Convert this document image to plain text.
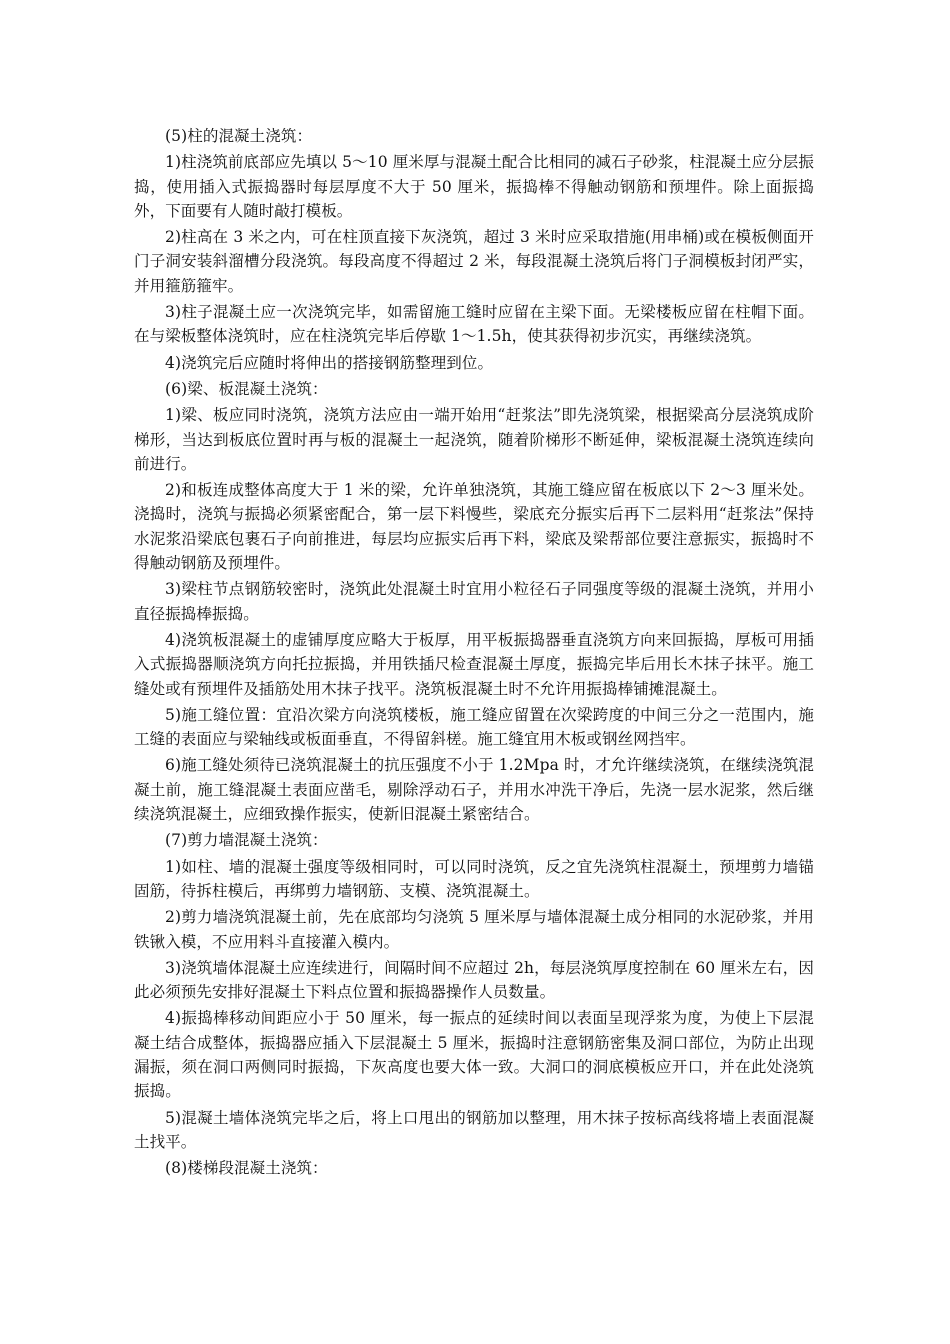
(5)柱的混凝土浇筑：

1)柱浇筑前底部应先填以 5～10 厘米厚与混凝土配合比相同的减石子砂浆，柱混凝土应分层振捣，使用插入式振捣器时每层厚度不大于 50 厘米，振捣棒不得触动钢筋和预埋件。除上面振捣外，下面要有人随时敲打模板。

2)柱高在 3 米之内，可在柱顶直接下灰浇筑，超过 3 米时应采取措施(用串桶)或在模板侧面开门子洞安装斜溜槽分段浇筑。每段高度不得超过 2 米，每段混凝土浇筑后将门子洞模板封闭严实，并用箍筋箍牢。

3)柱子混凝土应一次浇筑完毕，如需留施工缝时应留在主梁下面。无梁楼板应留在柱帽下面。在与梁板整体浇筑时，应在柱浇筑完毕后停歇 1～1.5h，使其获得初步沉实，再继续浇筑。

4)浇筑完后应随时将伸出的搭接钢筋整理到位。

(6)梁、板混凝土浇筑：

1)梁、板应同时浇筑，浇筑方法应由一端开始用“赶浆法”即先浇筑梁，根据梁高分层浇筑成阶梯形，当达到板底位置时再与板的混凝土一起浇筑，随着阶梯形不断延伸，梁板混凝土浇筑连续向前进行。

2)和板连成整体高度大于 1 米的梁，允许单独浇筑，其施工缝应留在板底以下 2～3 厘米处。浇捣时，浇筑与振捣必须紧密配合，第一层下料慢些，梁底充分振实后再下二层料用“赶浆法”保持水泥浆沿梁底包裹石子向前推进，每层均应振实后再下料，梁底及梁帮部位要注意振实，振捣时不得触动钢筋及预埋件。

3)梁柱节点钢筋较密时，浇筑此处混凝土时宜用小粒径石子同强度等级的混凝土浇筑，并用小直径振捣棒振捣。

4)浇筑板混凝土的虚铺厚度应略大于板厚，用平板振捣器垂直浇筑方向来回振捣，厚板可用插入式振捣器顺浇筑方向托拉振捣，并用铁插尺检查混凝土厚度，振捣完毕后用长木抹子抹平。施工缝处或有预埋件及插筋处用木抹子找平。浇筑板混凝土时不允许用振捣棒铺摊混凝土。

5)施工缝位置：宜沿次梁方向浇筑楼板，施工缝应留置在次梁跨度的中间三分之一范围内，施工缝的表面应与梁轴线或板面垂直，不得留斜槎。施工缝宜用木板或钢丝网挡牢。

6)施工缝处须待已浇筑混凝土的抗压强度不小于 1.2Mpa 时，才允许继续浇筑，在继续浇筑混凝土前，施工缝混凝土表面应凿毛，剔除浮动石子，并用水冲洗干净后，先浇一层水泥浆，然后继续浇筑混凝土，应细致操作振实，使新旧混凝土紧密结合。

(7)剪力墙混凝土浇筑：

1)如柱、墙的混凝土强度等级相同时，可以同时浇筑，反之宜先浇筑柱混凝土，预埋剪力墙锚固筋，待拆柱模后，再绑剪力墙钢筋、支模、浇筑混凝土。

2)剪力墙浇筑混凝土前，先在底部均匀浇筑 5 厘米厚与墙体混凝土成分相同的水泥砂浆，并用铁锹入模，不应用料斗直接灌入模内。

3)浇筑墙体混凝土应连续进行，间隔时间不应超过 2h，每层浇筑厚度控制在 60 厘米左右，因此必须预先安排好混凝土下料点位置和振捣器操作人员数量。

4)振捣棒移动间距应小于 50 厘米，每一振点的延续时间以表面呈现浮浆为度，为使上下层混凝土结合成整体，振捣器应插入下层混凝土 5 厘米，振捣时注意钢筋密集及洞口部位，为防止出现漏振，须在洞口两侧同时振捣，下灰高度也要大体一致。大洞口的洞底模板应开口，并在此处浇筑振捣。

5)混凝土墙体浇筑完毕之后，将上口甩出的钢筋加以整理，用木抹子按标高线将墙上表面混凝土找平。

(8)楼梯段混凝土浇筑：
